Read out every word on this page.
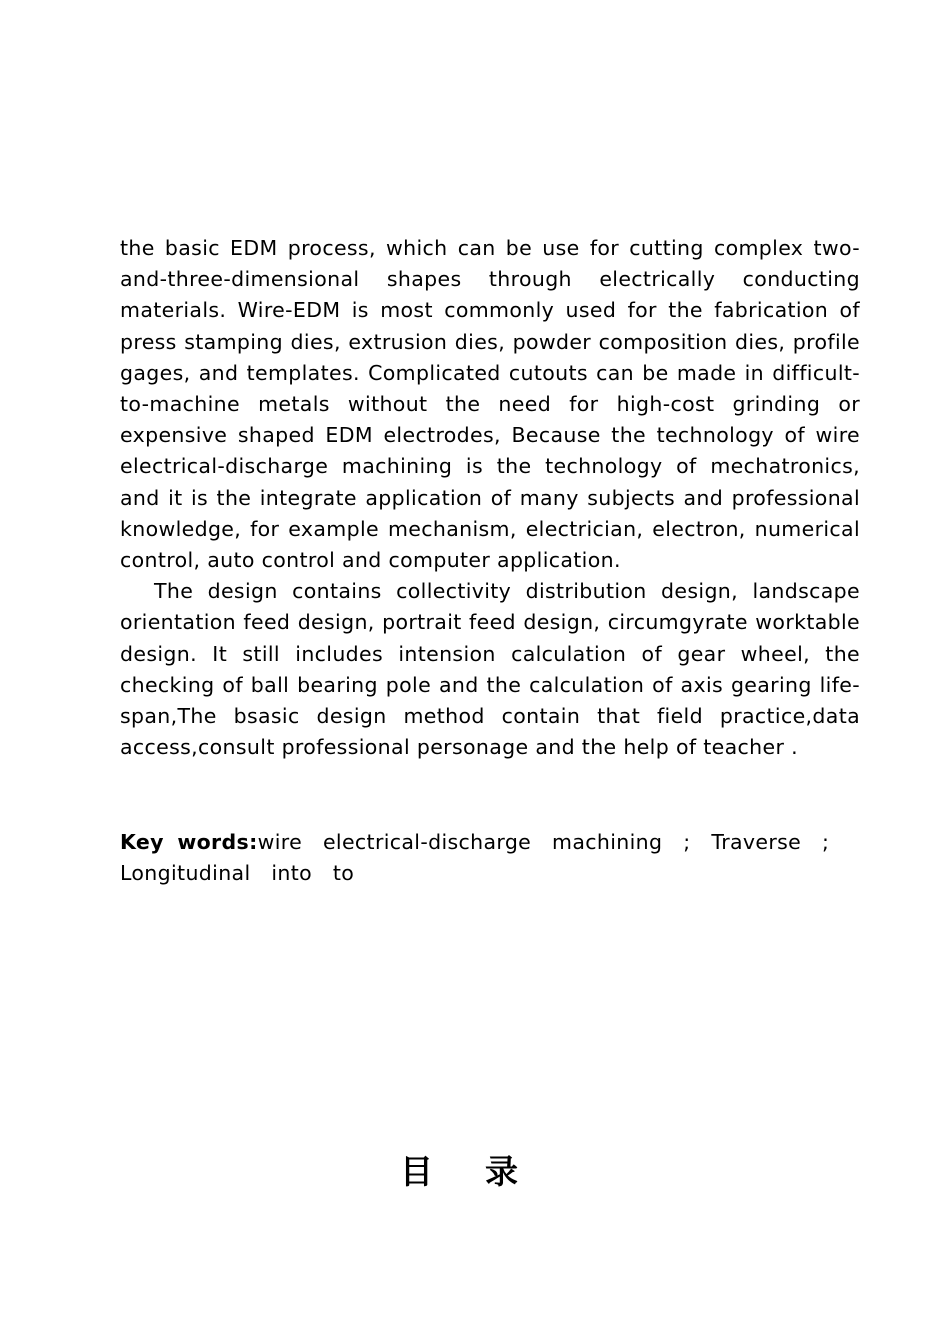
the basic EDM process, which can be use for cutting complex two-and-three-dimensional shapes through electrically conducting materials. Wire-EDM is most commonly used for the fabrication of press stamping dies, extrusion dies, powder composition dies, profile gages, and templates. Complicated cutouts can be made in difficult-to-machine metals without the need for high-cost grinding or expensive shaped EDM electrodes, Because the technology of wire electrical-discharge machining is the technology of mechatronics, and it is the integrate application of many subjects and professional knowledge, for example mechanism, electrician, electron, numerical control, auto control and computer application.

The design contains collectivity distribution design, landscape orientation feed design, portrait feed design, circumgyrate worktable design. It still includes intension calculation of gear wheel, the checking of ball bearing pole and the calculation of axis gearing life-span,The bsasic design method contain that field practice,data access,consult professional personage and the help of teacher .

Key words:wire electrical-discharge machining ; Traverse ; Longitudinal into to

目录
